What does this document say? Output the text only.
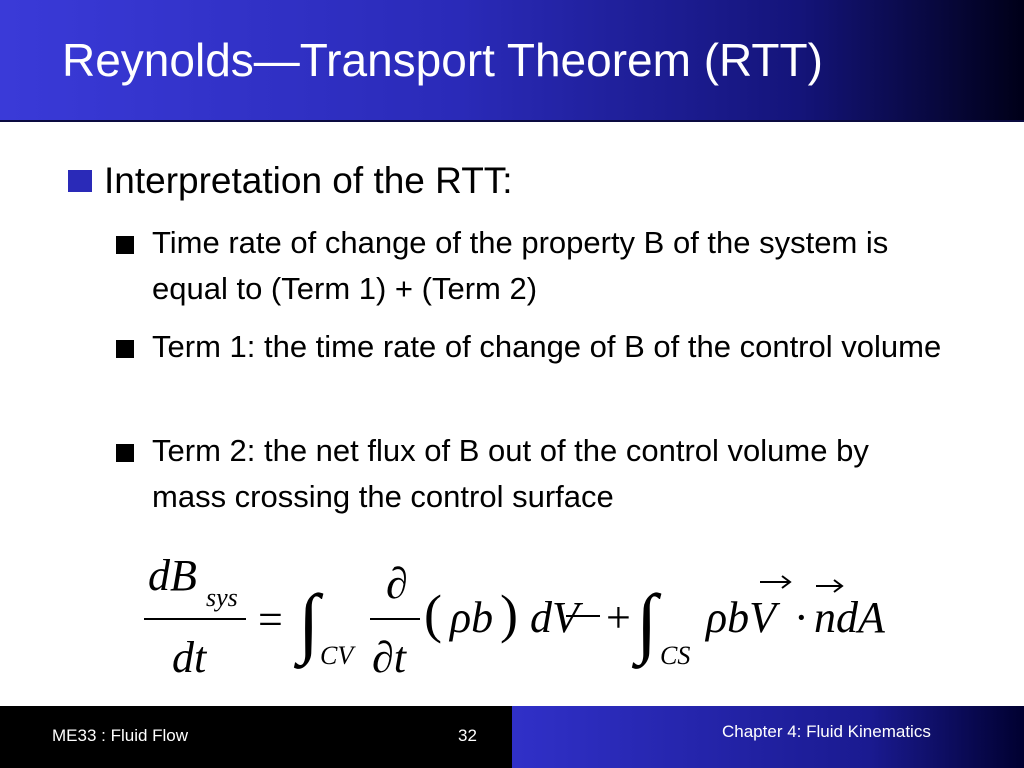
Reynolds—Transport Theorem (RTT)
Interpretation of the RTT:
Time rate of change of the property B of the system is equal to (Term 1) + (Term 2)
Term 1: the time rate of change of B of the control volume
Term 2: the net flux of B out of the control volume by mass crossing the control surface
dB sys
dt
= ∫ CV
∂
∂t
( ρb ) dV + ∫ CS
ρbV · ndA
ME33 : Fluid Flow	32	Chapter 4: Fluid Kinematics
